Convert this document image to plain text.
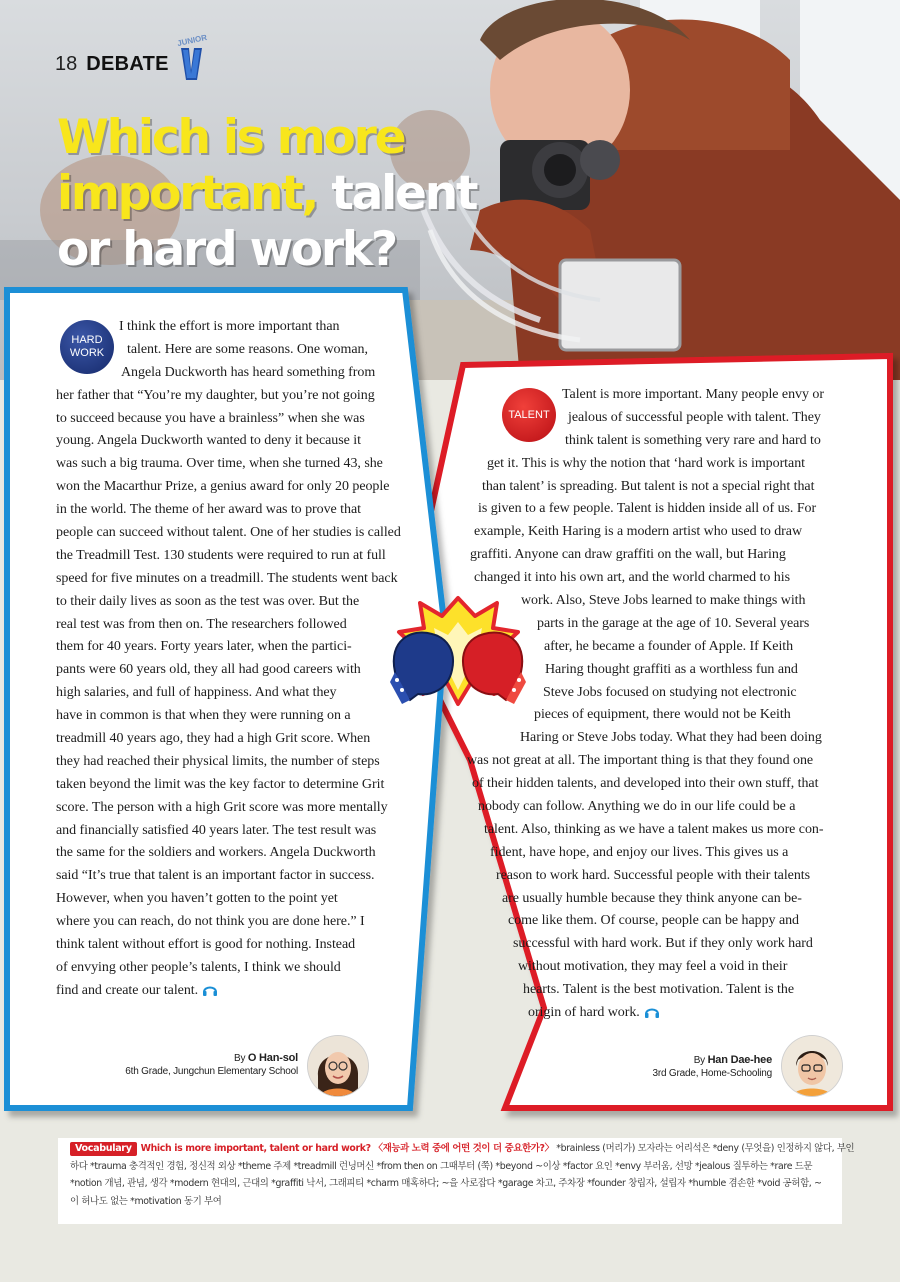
18 DEBATE
JUNIOR
Which is more
important, talent
or hard work?
HARD
WORK

I think the effort is more important than

talent. Here are some reasons. One woman,

Angela Duckworth has heard something from

her father that “You’re my daughter, but you’re not going

to succeed because you have a brainless” when she was

young. Angela Duckworth wanted to deny it because it

was such a big trauma. Over time, when she turned 43, she

won the Macarthur Prize, a genius award for only 20 people

in the world. The theme of her award was to prove that

people can succeed without talent. One of her studies is called

the Treadmill Test. 130 students were required to run at full

speed for five minutes on a treadmill. The students went back

to their daily lives as soon as the test was over. But the

real test was from then on. The researchers followed

them for 40 years. Forty years later, when the partici-

pants were 60 years old, they all had good careers with

high salaries, and full of happiness. And what they

have in common is that when they were running on a

treadmill 40 years ago, they had a high Grit score. When

they had reached their physical limits, the number of steps

taken beyond the limit was the key factor to determine Grit

score. The person with a high Grit score was more mentally

and financially satisfied 40 years later. The test result was

the same for the soldiers and workers. Angela Duckworth

said “It’s true that talent is an important factor in success.

However, when you haven’t gotten to the point yet

where you can reach, do not think you are done here.” I

think talent without effort is good for nothing. Instead

of envying other people’s talents, I think we should

find and create our talent.

By O Han-sol
6th Grade, Jungchun Elementary School
TALENT

Talent is more important. Many people envy or

jealous of successful people with talent. They

think talent is something very rare and hard to

get it. This is why the notion that ‘hard work is important

than talent’ is spreading. But talent is not a special right that

is given to a few people. Talent is hidden inside all of us. For

example, Keith Haring is a modern artist who used to draw

graffiti. Anyone can draw graffiti on the wall, but Haring

changed it into his own art, and the world charmed to his

work. Also, Steve Jobs learned to make things with

parts in the garage at the age of 10. Several years

after, he became a founder of Apple. If Keith

Haring thought graffiti as a worthless fun and

Steve Jobs focused on studying not electronic

pieces of equipment, there would not be Keith

Haring or Steve Jobs today. What they had been doing

was not great at all. The important thing is that they found one

of their hidden talents, and developed into their own stuff, that

nobody can follow. Anything we do in our life could be a

talent. Also, thinking as we have a talent makes us more con-

fident, have hope, and enjoy our lives. This gives us a

reason to work hard. Successful people with their talents

are usually humble because they think anyone can be-

come like them. Of course, people can be happy and

successful with hard work. But if they only work hard

without motivation, they may feel a void in their

hearts. Talent is the best motivation. Talent is the

origin of hard work.

By Han Dae-hee
3rd Grade, Home-Schooling
Vocabulary Which is more important, talent or hard work? 〈재능과 노력 중에 어떤 것이 더 중요한가?〉 *brainless (머리가) 모자라는 어리석은 *deny (무엇을) 인정하지 않다, 부인
하다 *trauma 충격적인 경험, 정신적 외상 *theme 주제 *treadmill 런닝머신 *from then on 그때부터 (쭉) *beyond ~이상 *factor 요인 *envy 부러움, 선망 *jealous 질투하는 *rare 드문
*notion 개념, 관념, 생각 *modern 현대의, 근대의 *graffiti 낙서, 그래피티 *charm 매혹하다; ~을 사로잡다 *garage 차고, 주차장 *founder 창립자, 설립자 *humble 겸손한 *void 공허함, ~
이 허나도 없는 *motivation 동기 부여
